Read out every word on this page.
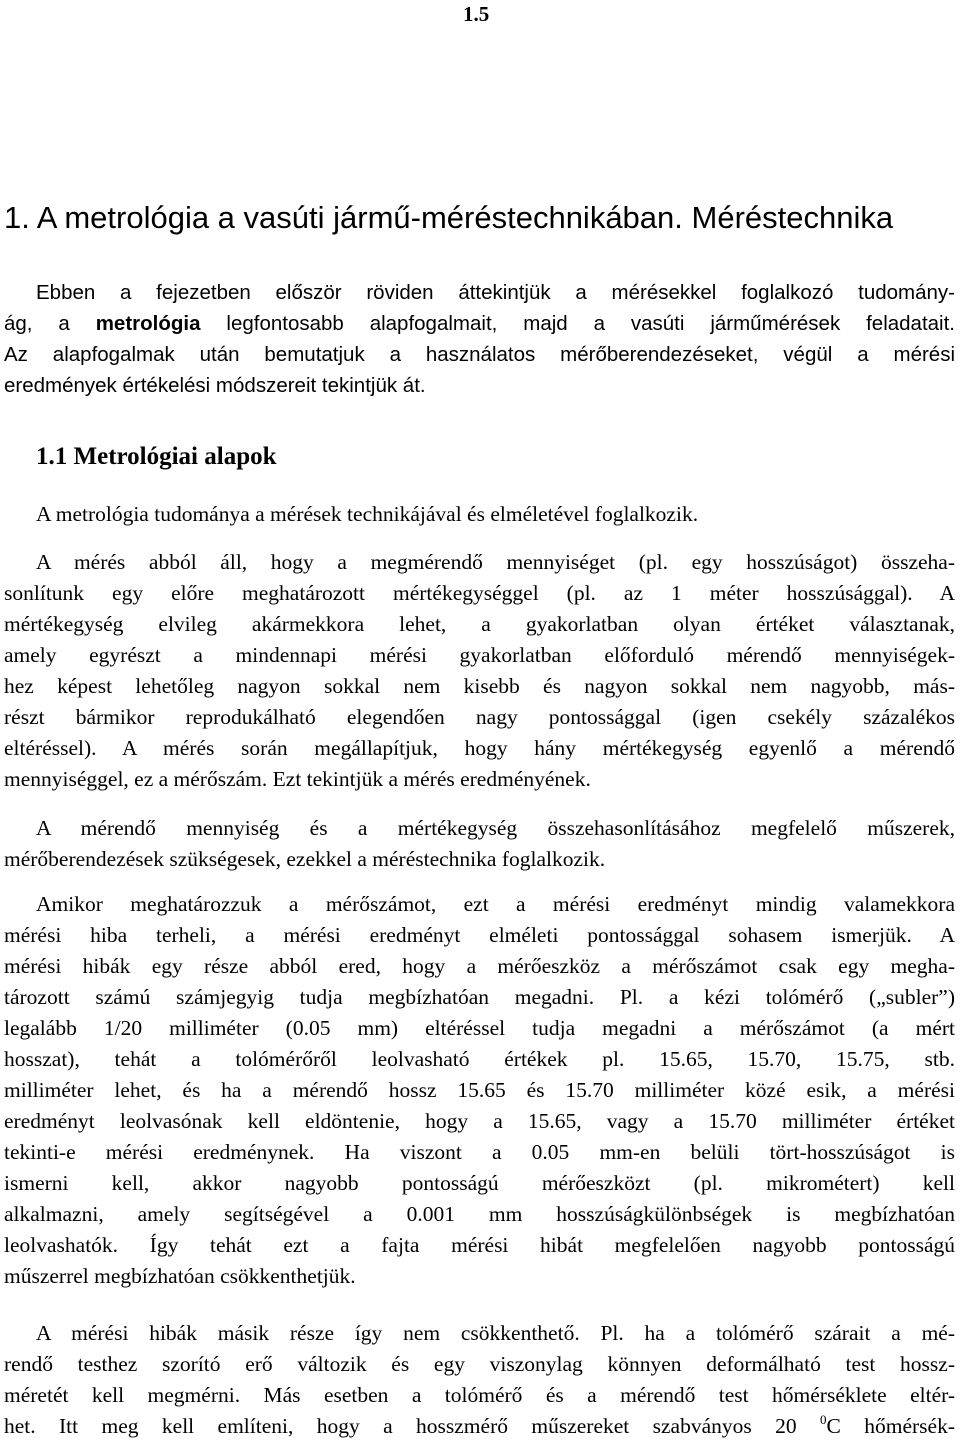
1.5
1. A metrológia a vasúti jármű-méréstechnikában. Méréstechnika
Ebben a fejezetben először röviden áttekintjük a mérésekkel foglalkozó tudomány-
ág, a metrológia legfontosabb alapfogalmait, majd a vasúti járműmérések feladatait.
Az alapfogalmak után bemutatjuk a használatos mérőberendezéseket, végül a mérési
eredmények értékelési módszereit tekintjük át.
1.1 Metrológiai alapok
A metrológia tudománya a mérések technikájával és elméletével foglalkozik.
A mérés abból áll, hogy a megmérendő mennyiséget (pl. egy hosszúságot) összeha-
sonlítunk egy előre meghatározott mértékegységgel (pl. az 1 méter hosszúsággal). A
mértékegység elvileg akármekkora lehet, a gyakorlatban olyan értéket választanak,
amely egyrészt a mindennapi mérési gyakorlatban előforduló mérendő mennyiségek-
hez képest lehetőleg nagyon sokkal nem kisebb és nagyon sokkal nem nagyobb, más-
részt bármikor reprodukálható elegendően nagy pontossággal (igen csekély százalékos
eltéréssel). A mérés során megállapítjuk, hogy hány mértékegység egyenlő a mérendő
mennyiséggel, ez a mérőszám. Ezt tekintjük a mérés eredményének.
A mérendő mennyiség és a mértékegység összehasonlításához megfelelő műszerek,
mérőberendezések szükségesek, ezekkel a méréstechnika foglalkozik.
Amikor meghatározzuk a mérőszámot, ezt a mérési eredményt mindig valamekkora
mérési hiba terheli, a mérési eredményt elméleti pontossággal sohasem ismerjük. A
mérési hibák egy része abból ered, hogy a mérőeszköz a mérőszámot csak egy megha-
tározott számú számjegyig tudja megbízhatóan megadni. Pl. a kézi tolómérő („subler”)
legalább 1/20 milliméter (0.05 mm) eltéréssel tudja megadni a mérőszámot (a mért
hosszat), tehát a tolómérőről leolvasható értékek pl. 15.65, 15.70, 15.75, stb.
milliméter lehet, és ha a mérendő hossz 15.65 és 15.70 milliméter közé esik, a mérési
eredményt leolvasónak kell eldöntenie, hogy a 15.65, vagy a 15.70 milliméter értéket
tekinti-e mérési eredménynek. Ha viszont a 0.05 mm-en belüli tört-hosszúságot is
ismerni kell, akkor nagyobb pontosságú mérőeszközt (pl. mikrométert) kell
alkalmazni, amely segítségével a 0.001 mm hosszúságkülönbségek is megbízhatóan
leolvashatók. Így tehát ezt a fajta mérési hibát megfelelően nagyobb pontosságú
műszerrel megbízhatóan csökkenthetjük.
A mérési hibák másik része így nem csökkenthető. Pl. ha a tolómérő szárait a mé-
rendő testhez szorító erő változik és egy viszonylag könnyen deformálható test hossz-
méretét kell megmérni. Más esetben a tolómérő és a mérendő test hőmérséklete eltér-
het. Itt meg kell említeni, hogy a hosszmérő műszereket szabványos 20 $^0$C hőmérsék-
